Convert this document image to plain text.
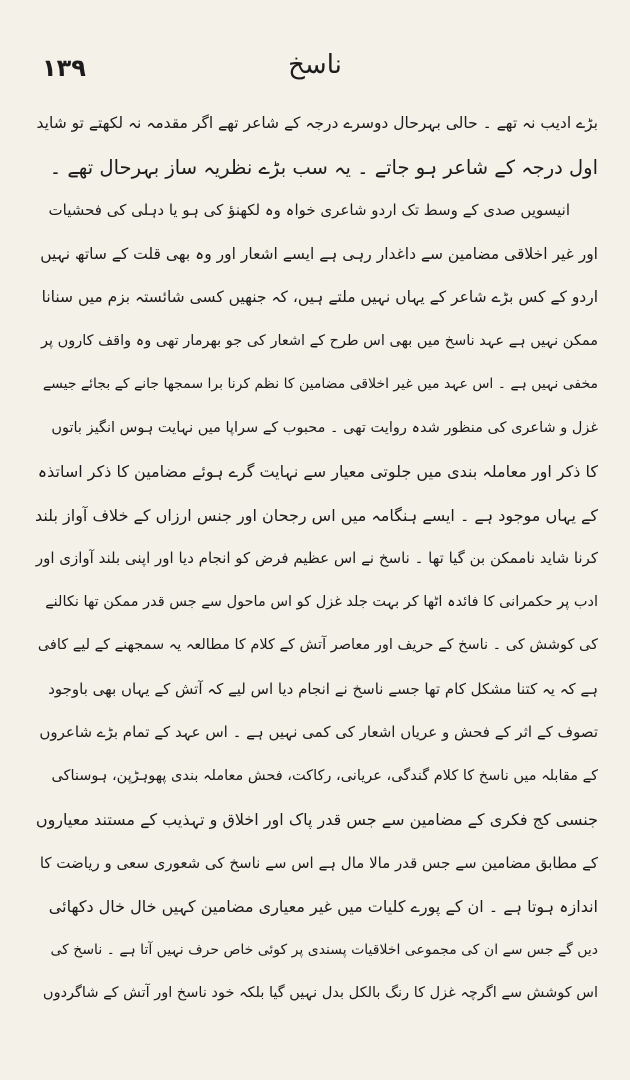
١٣٩	ناسخ
بڑے ادیب نہ تھے ۔ حالی بہرحال دوسرے درجہ کے شاعر تھے اگر مقدمہ نہ لکھتے تو شاید
اول درجہ کے شاعر ہو جاتے ۔ یہ سب بڑے نظریہ ساز بہرحال تھے ۔
انیسویں صدی کے وسط تک اردو شاعری خواہ وہ لکھنؤ کی ہو یا دہلی کی فحشیات
اور غیر اخلاقی مضامین سے داغدار رہی ہے ایسے اشعار اور وہ بھی قلت کے ساتھ نہیں
اردو کے کس بڑے شاعر کے یہاں نہیں ملتے ہیں، کہ جنھیں کسی شائستہ بزم میں سنانا
ممکن نہیں ہے عہد ناسخ میں بھی اس طرح کے اشعار کی جو بھرمار تھی وہ واقف کاروں پر
مخفی نہیں ہے ۔ اس عہد میں غیر اخلاقی مضامین کا نظم کرنا برا سمجھا جانے کے بجائے جیسے
غزل و شاعری کی منظور شدہ روایت تھی ۔ محبوب کے سراپا میں نہایت ہوس انگیز باتوں
کا ذکر اور معاملہ بندی میں جلوتی معیار سے نہایت گرے ہوئے مضامین کا ذکر اساتذہ
کے یہاں موجود ہے ۔ ایسے ہنگامہ میں اس رجحان اور جنس ارزاں کے خلاف آواز بلند
کرنا شاید ناممکن بن گیا تھا ۔ ناسخ نے اس عظیم فرض کو انجام دیا اور اپنی بلند آوازی اور
ادب پر حکمرانی کا فائدہ اٹھا کر بہت جلد غزل کو اس ماحول سے جس قدر ممکن تھا نکالنے
کی کوشش کی ۔ ناسخ کے حریف اور معاصر آتش کے کلام کا مطالعہ یہ سمجھنے کے لیے کافی
ہے کہ یہ کتنا مشکل کام تھا جسے ناسخ نے انجام دیا اس لیے کہ آتش کے یہاں بھی باوجود
تصوف کے اثر کے فحش و عریاں اشعار کی کمی نہیں ہے ۔ اس عہد کے تمام بڑے شاعروں
کے مقابلہ میں ناسخ کا کلام گندگی، عریانی، رکاکت، فحش معاملہ بندی پھوہڑپن، ہوسناکی
جنسی کج فکری کے مضامین سے جس قدر پاک اور اخلاق و تہذیب کے مستند معیاروں
کے مطابق مضامین سے جس قدر مالا مال ہے اس سے ناسخ کی شعوری سعی و ریاضت کا
اندازہ ہوتا ہے ۔ ان کے پورے کلیات میں غیر معیاری مضامین کہیں خال خال دکھائی
دیں گے جس سے ان کی مجموعی اخلاقیات پسندی پر کوئی خاص حرف نہیں آتا ہے ۔ ناسخ کی
اس کوشش سے اگرچہ غزل کا رنگ بالکل بدل نہیں گیا بلکہ خود ناسخ اور آتش کے شاگردوں
